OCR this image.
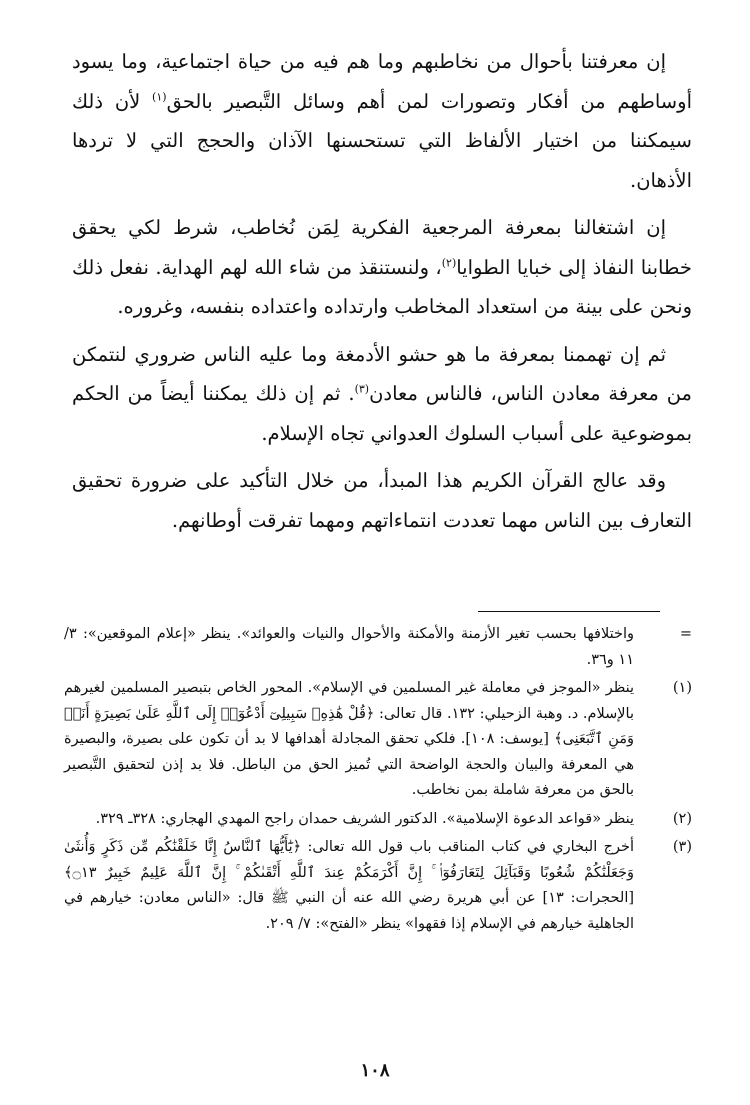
إن معرفتنا بأحوال من نخاطبهم وما هم فيه من حياة اجتماعية، وما يسود أوساطهم من أفكار وتصورات لمن أهم وسائل التَّبصير بالحق$^{(١)}$ لأن ذلك سيمكننا من اختيار الألفاظ التي تستحسنها الآذان والحجج التي لا تردها الأذهان.

إن اشتغالنا بمعرفة المرجعية الفكرية لِمَن نُخاطب، شرط لكي يحقق خطابنا النفاذ إلى خبايا الطوايا$^{(٢)}$، ولنستنقذ من شاء الله لهم الهداية. نفعل ذلك ونحن على بينة من استعداد المخاطب وارتداده واعتداده بنفسه، وغروره.

ثم إن تهممنا بمعرفة ما هو حشو الأدمغة وما عليه الناس ضروري لنتمكن من معرفة معادن الناس، فالناس معادن$^{(٣)}$. ثم إن ذلك يمكننا أيضاً من الحكم بموضوعية على أسباب السلوك العدواني تجاه الإسلام.

وقد عالج القرآن الكريم هذا المبدأ، من خلال التأكيد على ضرورة تحقيق التعارف بين الناس مهما تعددت انتماءاتهم ومهما تفرقت أوطانهم.

=
واختلافها بحسب تغير الأزمنة والأمكنة والأحوال والنيات والعوائد». ينظر «إعلام الموقعين»: ٣/ ١١ و٣٦.
(١)
ينظر «الموجز في معاملة غير المسلمين في الإسلام». المحور الخاص بتبصير المسلمين لغيرهم بالإسلام. د. وهبة الزحيلي: ١٣٢. قال تعالى: ﴿قُلْ هَٰذِهِۦ سَبِيلِىٓ أَدْعُوٓا۟ إِلَى ٱللَّهِ عَلَىٰ بَصِيرَةٍ أَنَا۠ وَمَنِ ٱتَّبَعَنِى﴾ [يوسف: ١٠٨]. فلكي تحقق المجادلة أهدافها لا بد أن تكون على بصيرة، والبصيرة هي المعرفة والبيان والحجة الواضحة التي تُميز الحق من الباطل. فلا بد إذن لتحقيق التَّبصير بالحق من معرفة شاملة بمن نخاطب.
(٢)
ينظر «قواعد الدعوة الإسلامية». الدكتور الشريف حمدان راجح المهدي الهجاري: ٣٢٨ـ ٣٢٩.
(٣)
أخرج البخاري في كتاب المناقب باب قول الله تعالى: ﴿يَٰٓأَيُّهَا ٱلنَّاسُ إِنَّا خَلَقْنَٰكُم مِّن ذَكَرٍ وَأُنثَىٰ وَجَعَلْنَٰكُمْ شُعُوبًا وَقَبَآئِلَ لِتَعَارَفُوٓا۟ ۚ إِنَّ أَكْرَمَكُمْ عِندَ ٱللَّهِ أَتْقَىٰكُمْ ۚ إِنَّ ٱللَّهَ عَلِيمٌ خَبِيرٌ ۝١٣﴾ [الحجرات: ١٣] عن أبي هريرة رضي الله عنه أن النبي ﷺ قال: «الناس معادن: خيارهم في الجاهلية خيارهم في الإسلام إذا فقهوا» ينظر «الفتح»: ٧/ ٢٠٩.
١٠٨
